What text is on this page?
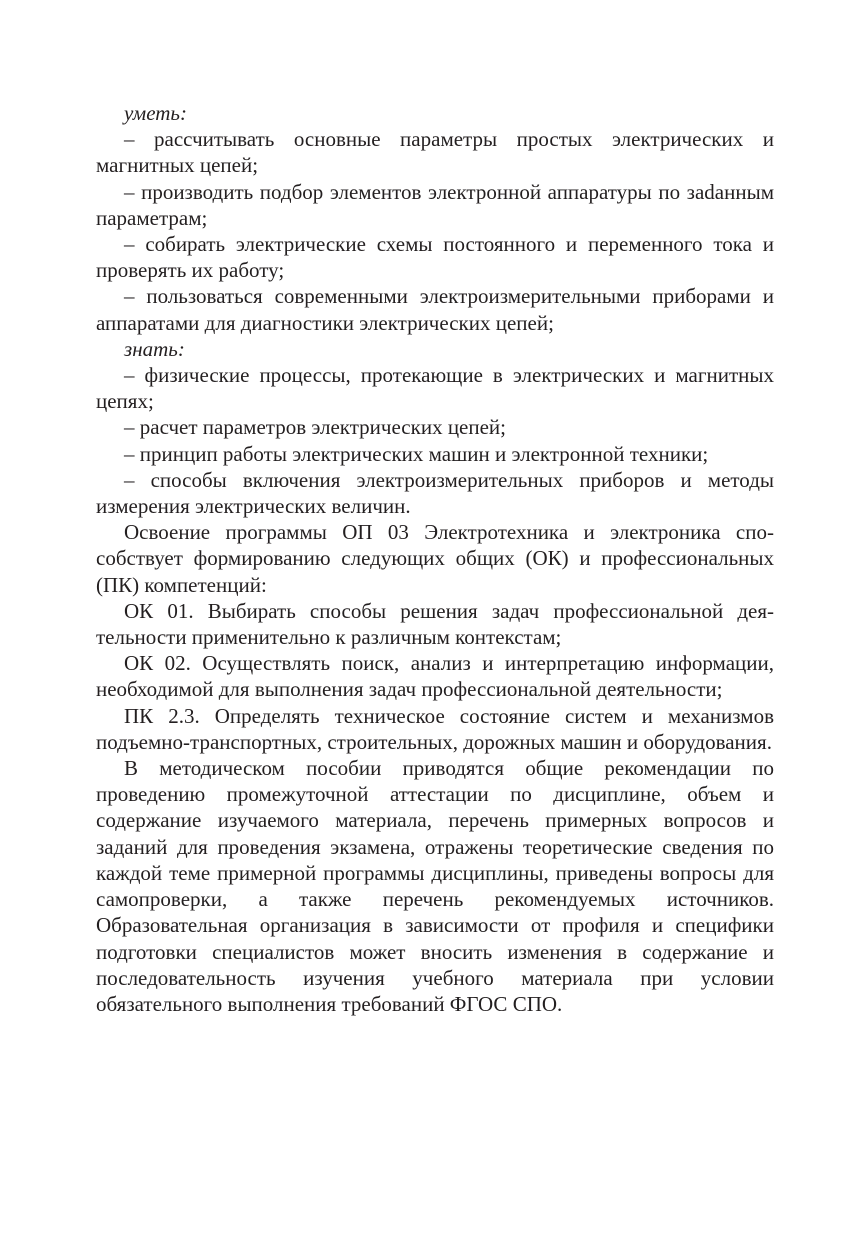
уметь:

– рассчитывать основные параметры простых электрических и магнитных цепей;

– производить подбор элементов электронной аппаратуры по заdанным параметрам;

– собирать электрические схемы постоянного и переменного тока и проверять их работу;

– пользоваться современными электроизмерительными приборами и аппаратами для диагностики электрических цепей;

знать:

– физические процессы, протекающие в электрических и магнитных цепях;

– расчет параметров электрических цепей;

– принцип работы электрических машин и электронной техники;

– способы включения электроизмерительных приборов и методы измерения электрических величин.

Освоение программы ОП 03 Электротехника и электроника способствует формированию следующих общих (ОК) и профессиональных (ПК) компетенций:

ОК 01. Выбирать способы решения задач профессиональной деятельности применительно к различным контекстам;

ОК 02. Осуществлять поиск, анализ и интерпретацию информации, необходимой для выполнения задач профессиональной деятельности;

ПК 2.3. Определять техническое состояние систем и механизмов подъемно-транспортных, строительных, дорожных машин и оборудования.

В методическом пособии приводятся общие рекомендации по проведению промежуточной аттестации по дисциплине, объем и содержание изучаемого материала, перечень примерных вопросов и заданий для проведения экзамена, отражены теоретические сведения по каждой теме примерной программы дисциплины, приведены вопросы для самопроверки, а также перечень рекомендуемых источников. Образовательная организация в зависимости от профиля и специфики подготовки специалистов может вносить изменения в содержание и последовательность изучения учебного материала при условии обязательного выполнения требований ФГОС СПО.
